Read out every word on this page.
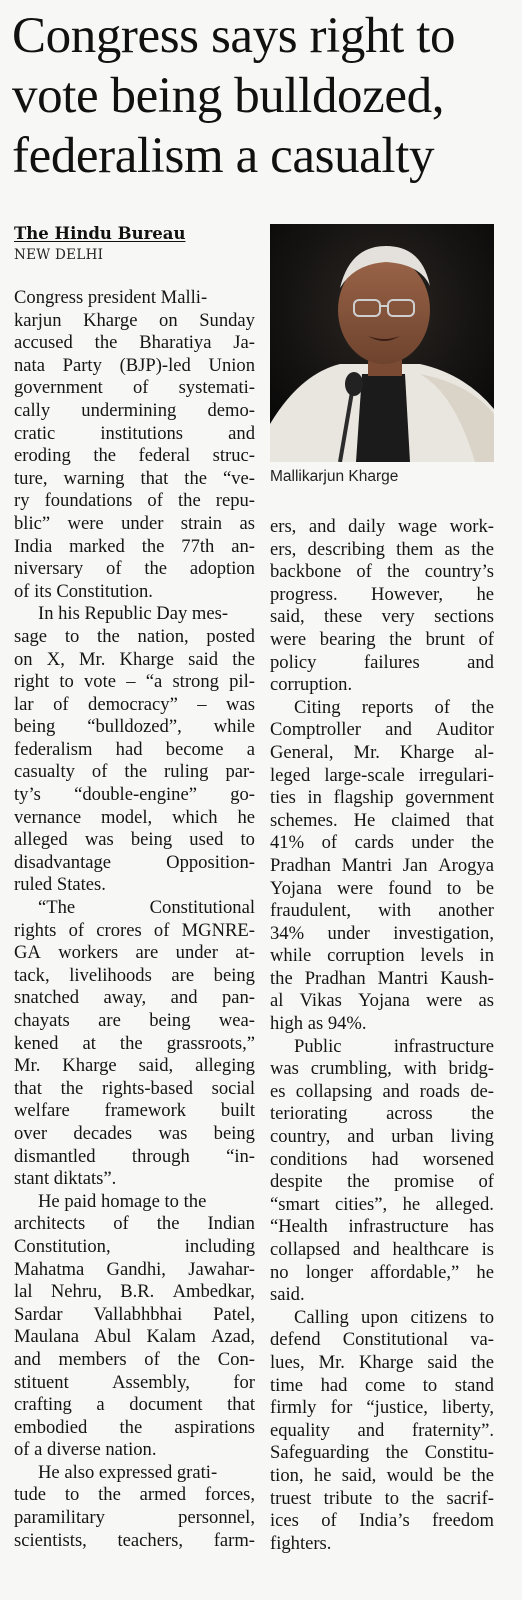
Congress says right to
vote being bulldozed,
federalism a casualty
The Hindu Bureau
NEW DELHI
Congress president Malli-
karjun Kharge on Sunday
accused the Bharatiya Ja-
nata Party (BJP)-led Union
government of systemati-
cally undermining demo-
cratic institutions and
eroding the federal struc-
ture, warning that the “ve-
ry foundations of the repu-
blic” were under strain as
India marked the 77th an-
niversary of the adoption
of its Constitution.
In his Republic Day mes-
sage to the nation, posted
on X, Mr. Kharge said the
right to vote – “a strong pil-
lar of democracy” – was
being “bulldozed”, while
federalism had become a
casualty of the ruling par-
ty’s “double-engine” go-
vernance model, which he
alleged was being used to
disadvantage	Opposition-
ruled States.
“The	Constitutional
rights of crores of MGNRE-
GA workers are under at-
tack, livelihoods are being
snatched away, and pan-
chayats are being wea-
kened at the grassroots,”
Mr. Kharge said, alleging
that the rights-based social
welfare framework built
over decades was being
dismantled through “in-
stant diktats”.
He paid homage to the
architects of the Indian
Constitution,	including
Mahatma Gandhi, Jawahar-
lal Nehru, B.R. Ambedkar,
Sardar Vallabhbhai Patel,
Maulana Abul Kalam Azad,
and members of the Con-
stituent Assembly, for
crafting a document that
embodied the aspirations
of a diverse nation.
He also expressed grati-
tude to the armed forces,
paramilitary	personnel,
scientists, teachers, farm-
Mallikarjun Kharge
ers, and daily wage work-
ers, describing them as the
backbone of the country’s
progress. However, he
said, these very sections
were bearing the brunt of
policy	failures	and
corruption.
Citing reports of the
Comptroller and Auditor
General, Mr. Kharge al-
leged large-scale irregulari-
ties in flagship government
schemes. He claimed that
41% of cards under the
Pradhan Mantri Jan Arogya
Yojana were found to be
fraudulent, with another
34% under investigation,
while corruption levels in
the Pradhan Mantri Kaush-
al Vikas Yojana were as
high as 94%.
Public	infrastructure
was crumbling, with bridg-
es collapsing and roads de-
teriorating across the
country, and urban living
conditions had worsened
despite the promise of
“smart cities”, he alleged.
“Health infrastructure has
collapsed and healthcare is
no longer affordable,” he
said.
Calling upon citizens to
defend Constitutional va-
lues, Mr. Kharge said the
time had come to stand
firmly for “justice, liberty,
equality and fraternity”.
Safeguarding the Constitu-
tion, he said, would be the
truest tribute to the sacrif-
ices of India’s freedom
fighters.
